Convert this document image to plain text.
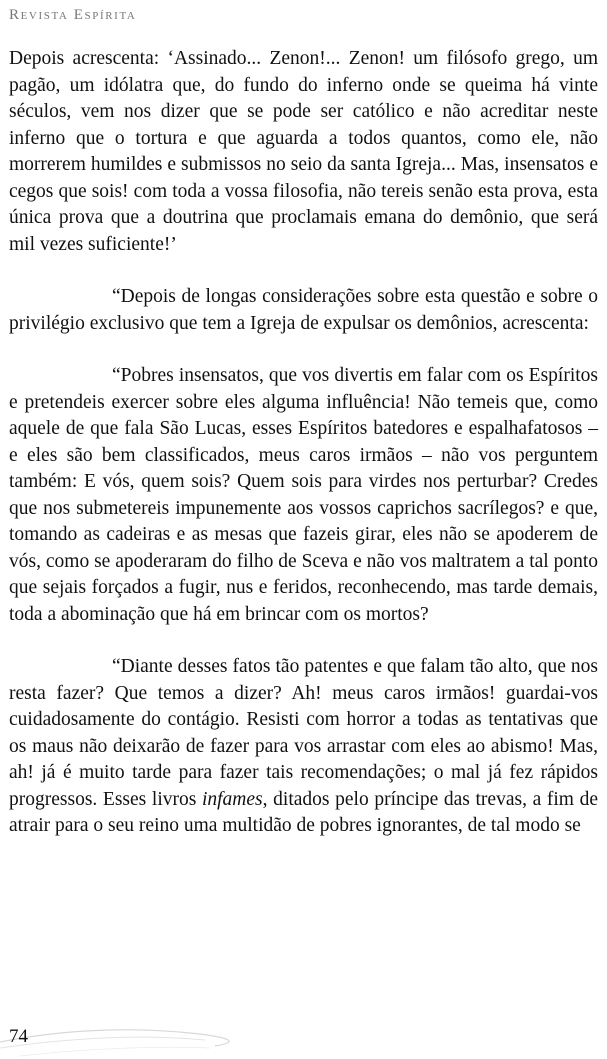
Revista Espírita

Depois acrescenta: ‘Assinado... Zenon!... Zenon! um filósofo grego, um pagão, um idólatra que, do fundo do inferno onde se queima há vinte séculos, vem nos dizer que se pode ser católico e não acreditar neste inferno que o tortura e que aguarda a todos quantos, como ele, não morrerem humildes e submissos no seio da santa Igreja... Mas, insensatos e cegos que sois! com toda a vossa filosofia, não tereis senão esta prova, esta única prova que a doutrina que proclamais emana do demônio, que será mil vezes suficiente!’

“Depois de longas considerações sobre esta questão e sobre o privilégio exclusivo que tem a Igreja de expulsar os demônios, acrescenta:

“Pobres insensatos, que vos divertis em falar com os Espíritos e pretendeis exercer sobre eles alguma influência! Não temeis que, como aquele de que fala São Lucas, esses Espíritos batedores e espalhafatosos – e eles são bem classificados, meus caros irmãos – não vos perguntem também: E vós, quem sois? Quem sois para virdes nos perturbar? Credes que nos submetereis impunemente aos vossos caprichos sacrílegos? e que, tomando as cadeiras e as mesas que fazeis girar, eles não se apoderem de vós, como se apoderaram do filho de Sceva e não vos maltratem a tal ponto que sejais forçados a fugir, nus e feridos, reconhecendo, mas tarde demais, toda a abominação que há em brincar com os mortos?

“Diante desses fatos tão patentes e que falam tão alto, que nos resta fazer? Que temos a dizer? Ah! meus caros irmãos! guardai-vos cuidadosamente do contágio. Resisti com horror a todas as tentativas que os maus não deixarão de fazer para vos arrastar com eles ao abismo! Mas, ah! já é muito tarde para fazer tais recomendações; o mal já fez rápidos progressos. Esses livros infames, ditados pelo príncipe das trevas, a fim de atrair para o seu reino uma multidão de pobres ignorantes, de tal modo se

74
